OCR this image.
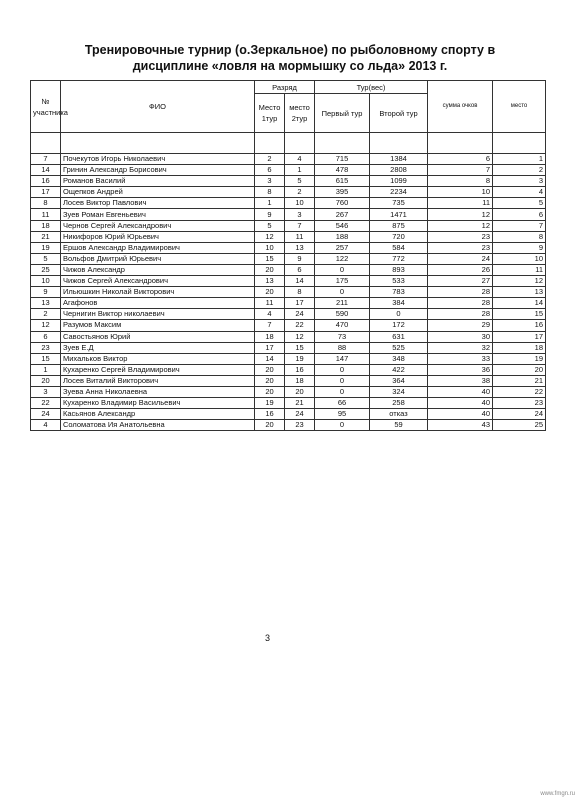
Тренировочные турнир (о.Зеркальное) по рыболовному спорту в
дисциплине «ловля на мормышку со льда» 2013 г.
№ участника	ФИО	Разряд		Тур(вес)		сумма очков	место
		Место 1тур	место 2тур	Первый тур	Второй тур		

7	Почекутов Игорь Николаевич	2	4	715	1384	6	1
14	Гринин Александр Борисович	6	1	478	2808	7	2
16	Романов Василий	3	5	615	1099	8	3
17	Ощепков Андрей	8	2	395	2234	10	4
8	Лосев Виктор Павлович	1	10	760	735	11	5
11	Зуев Роман Евгеньевич	9	3	267	1471	12	6
18	Чернов Сергей Александрович	5	7	546	875	12	7
21	Никифоров Юрий Юрьевич	12	11	188	720	23	8
19	Ершов Александр Владимирович	10	13	257	584	23	9
5	Вольфов Дмитрий Юрьевич	15	9	122	772	24	10
25	Чижов Александр	20	6	0	893	26	11
10	Чижов Сергей Александрович	13	14	175	533	27	12
9	Ильюшкин Николай Викторович	20	8	0	783	28	13
13	Агафонов	11	17	211	384	28	14
2	Чернигин Виктор николаевич	4	24	590	0	28	15
12	Разумов Максим	7	22	470	172	29	16
6	Савостьянов Юрий	18	12	73	631	30	17
23	Зуев Е.Д	17	15	88	525	32	18
15	Михальков Виктор	14	19	147	348	33	19
1	Кухаренко Сергей Владимирович	20	16	0	422	36	20
20	Лосев Виталий Викторович	20	18	0	364	38	21
3	Зуева Анна Николаевна	20	20	0	324	40	22
22	Кухаренко Владимир Васильевич	19	21	66	258	40	23
24	Касьянов Александр	16	24	95	отказ	40	24
4	Соломатова Ия Анатольевна	20	23	0	59	43	25
3
www.fmgn.ru
